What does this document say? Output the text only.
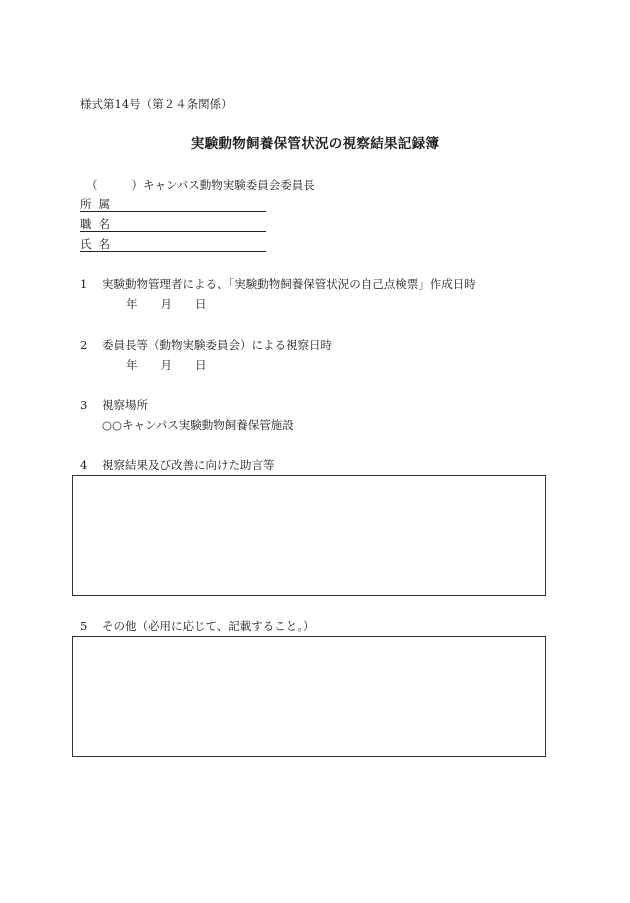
様式第14号（第２４条関係）
実験動物飼養保管状況の視察結果記録簿
（	）キャンパス動物実験委員会委員長
所属
職名
氏名
1 実験動物管理者による、「実験動物飼養保管状況の自己点検票」作成日時
年　　月　　日
2 委員長等（動物実験委員会）による視察日時
年　　月　　日
3 視察場所
○○キャンパス実験動物飼養保管施設
4 視察結果及び改善に向けた助言等
5 その他（必用に応じて、記載すること。）
